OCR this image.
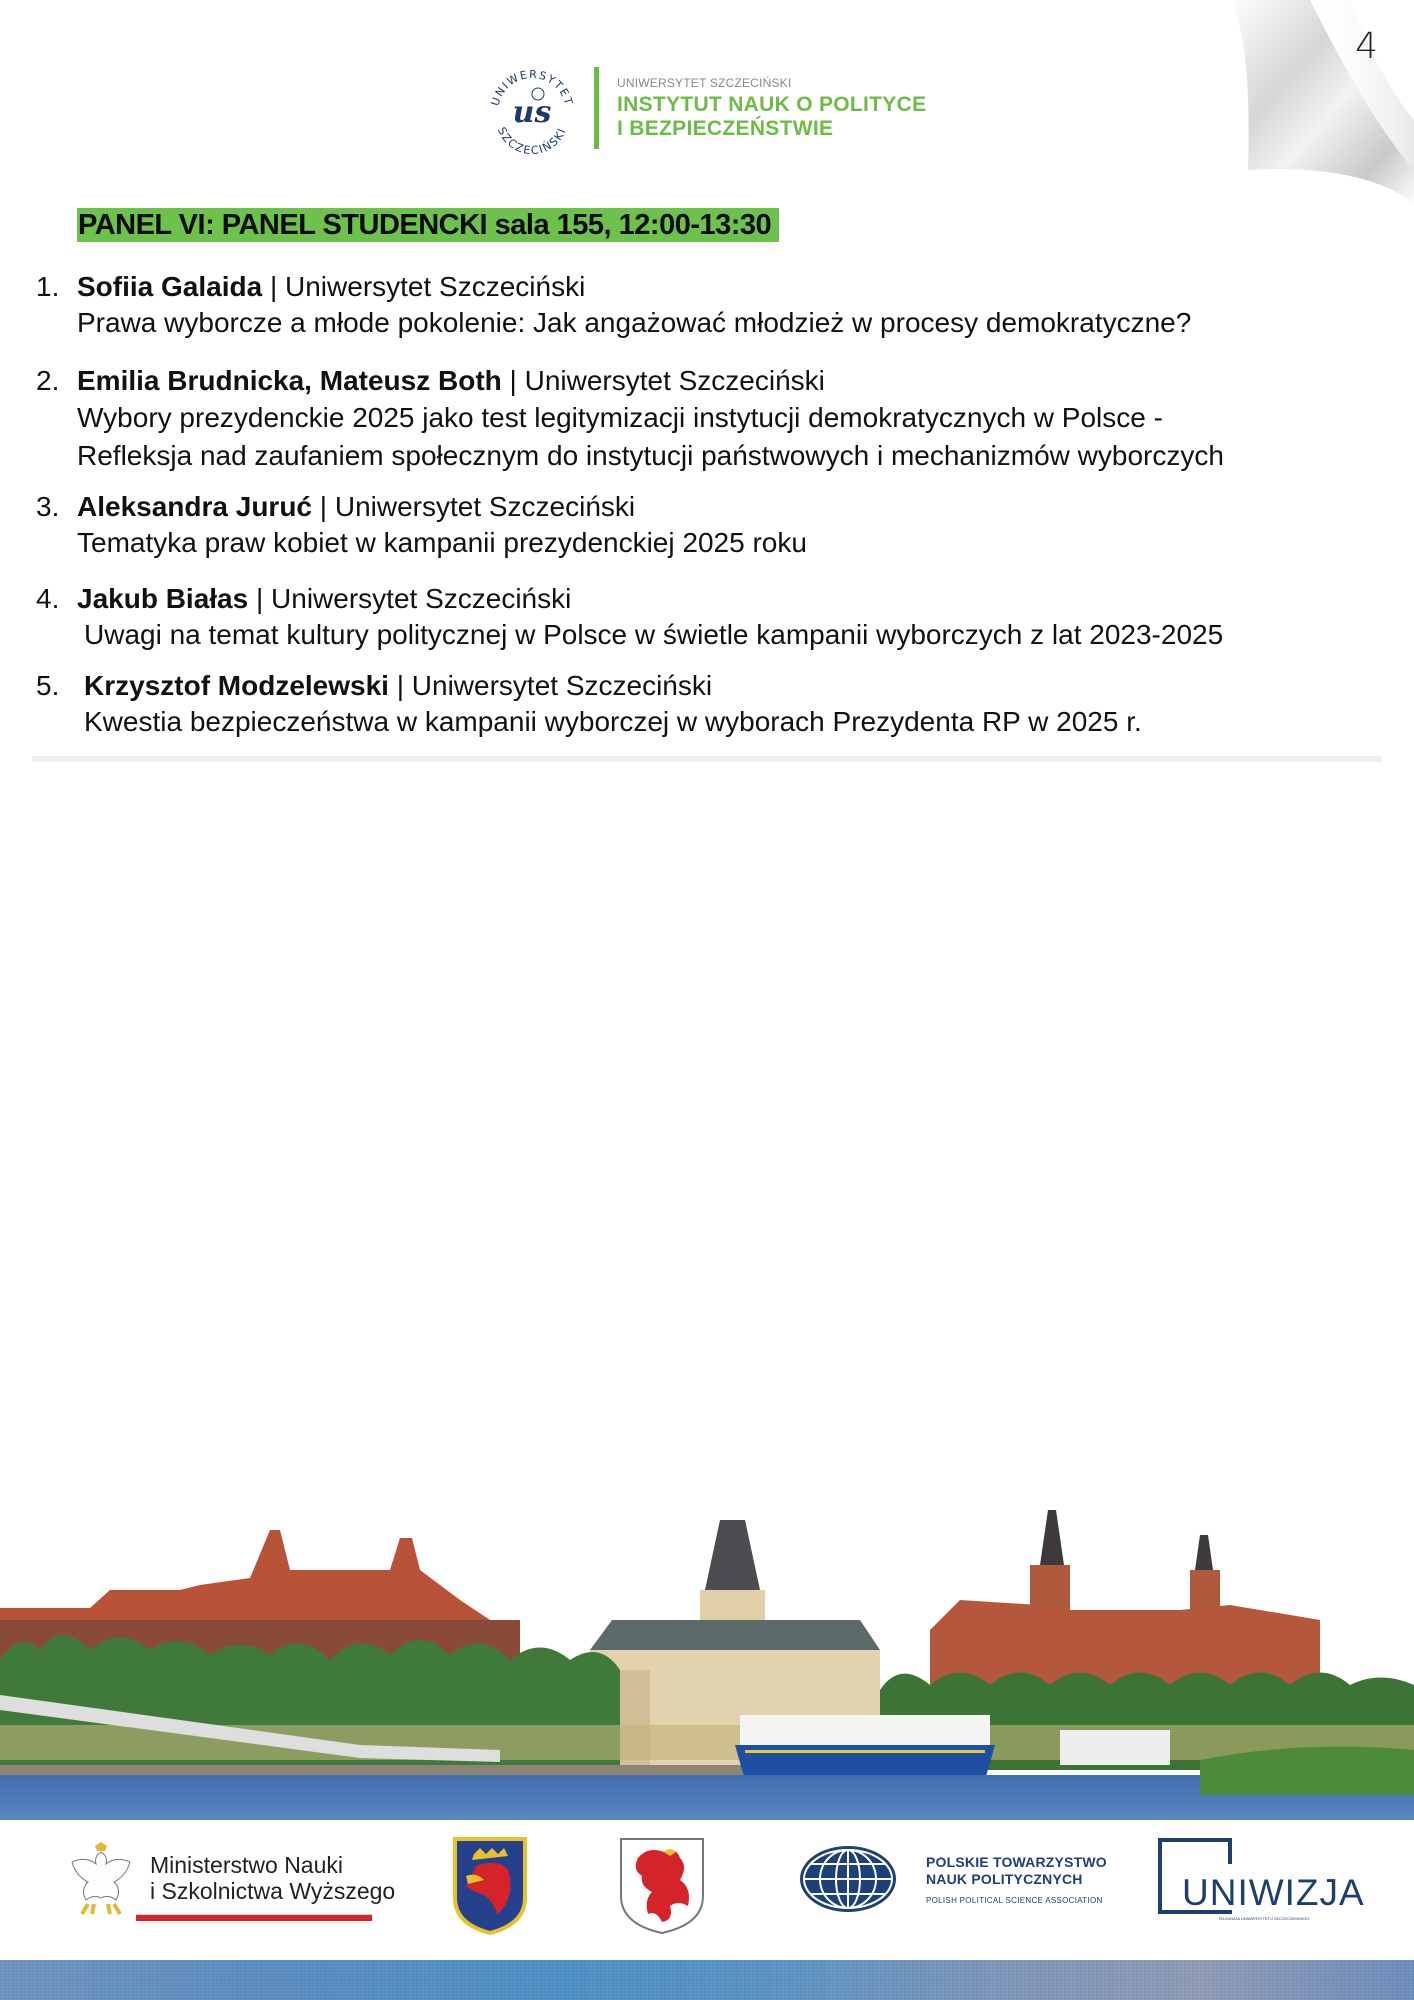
4
UNIWERSYTET
SZCZECIŃSKI
us
UNIWERSYTET SZCZECIŃSKI
INSTYTUT NAUK O POLITYCE
I BEZPIECZEŃSTWIE
PANEL VI: PANEL STUDENCKI sala 155, 12:00-13:30
1. Sofiia Galaida | Uniwersytet Szczeciński
Prawa wyborcze a młode pokolenie: Jak angażować młodzież w procesy demokratyczne?
2. Emilia Brudnicka, Mateusz Both | Uniwersytet Szczeciński
Wybory prezydenckie 2025 jako test legitymizacji instytucji demokratycznych w Polsce -
Refleksja nad zaufaniem społecznym do instytucji państwowych i mechanizmów wyborczych
3. Aleksandra Juruć | Uniwersytet Szczeciński
Tematyka praw kobiet w kampanii prezydenckiej 2025 roku
4. Jakub Białas | Uniwersytet Szczeciński
Uwagi na temat kultury politycznej w Polsce w świetle kampanii wyborczych z lat 2023-2025
5. Krzysztof Modzelewski | Uniwersytet Szczeciński
Kwestia bezpieczeństwa w kampanii wyborczej w wyborach Prezydenta RP w 2025 r.
Ministerstwo Nauki
i Szkolnictwa Wyższego
POLSKIE TOWARZYSTWO
NAUK POLITYCZNYCH
POLISH POLITICAL SCIENCE ASSOCIATION UNIWIZJA
TELEWIZJA UNIWERSYTETU SZCZECIŃSKIEGO
